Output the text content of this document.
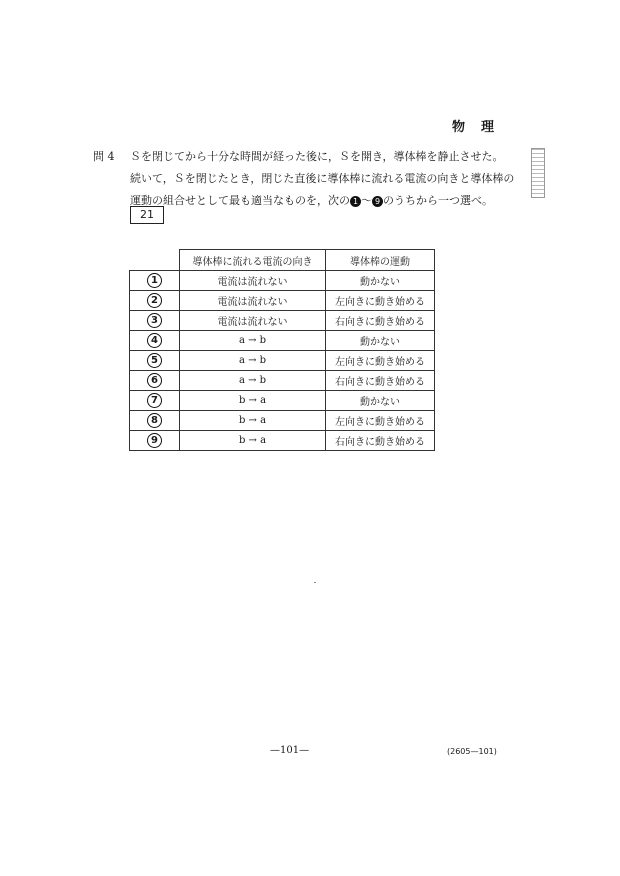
物理
問 4 Ｓを閉じてから十分な時間が経った後に，Ｓを開き，導体棒を静止させた。
続いて，Ｓを閉じたとき，閉じた直後に導体棒に流れる電流の向きと導体棒の
運動の組合せとして最も適当なものを，次の 1 ～ 9 のうちから一つ選べ。
21
	導体棒に流れる電流の向き	導体棒の運動
1	電流は流れない	動かない
2	電流は流れない	左向きに動き始める
3	電流は流れない	右向きに動き始める
4	a → b	動かない
5	a → b	左向きに動き始める
6	a → b	右向きに動き始める
7	b → a	動かない
8	b → a	左向きに動き始める
9	b → a	右向きに動き始める
—101—	(2605—101)
